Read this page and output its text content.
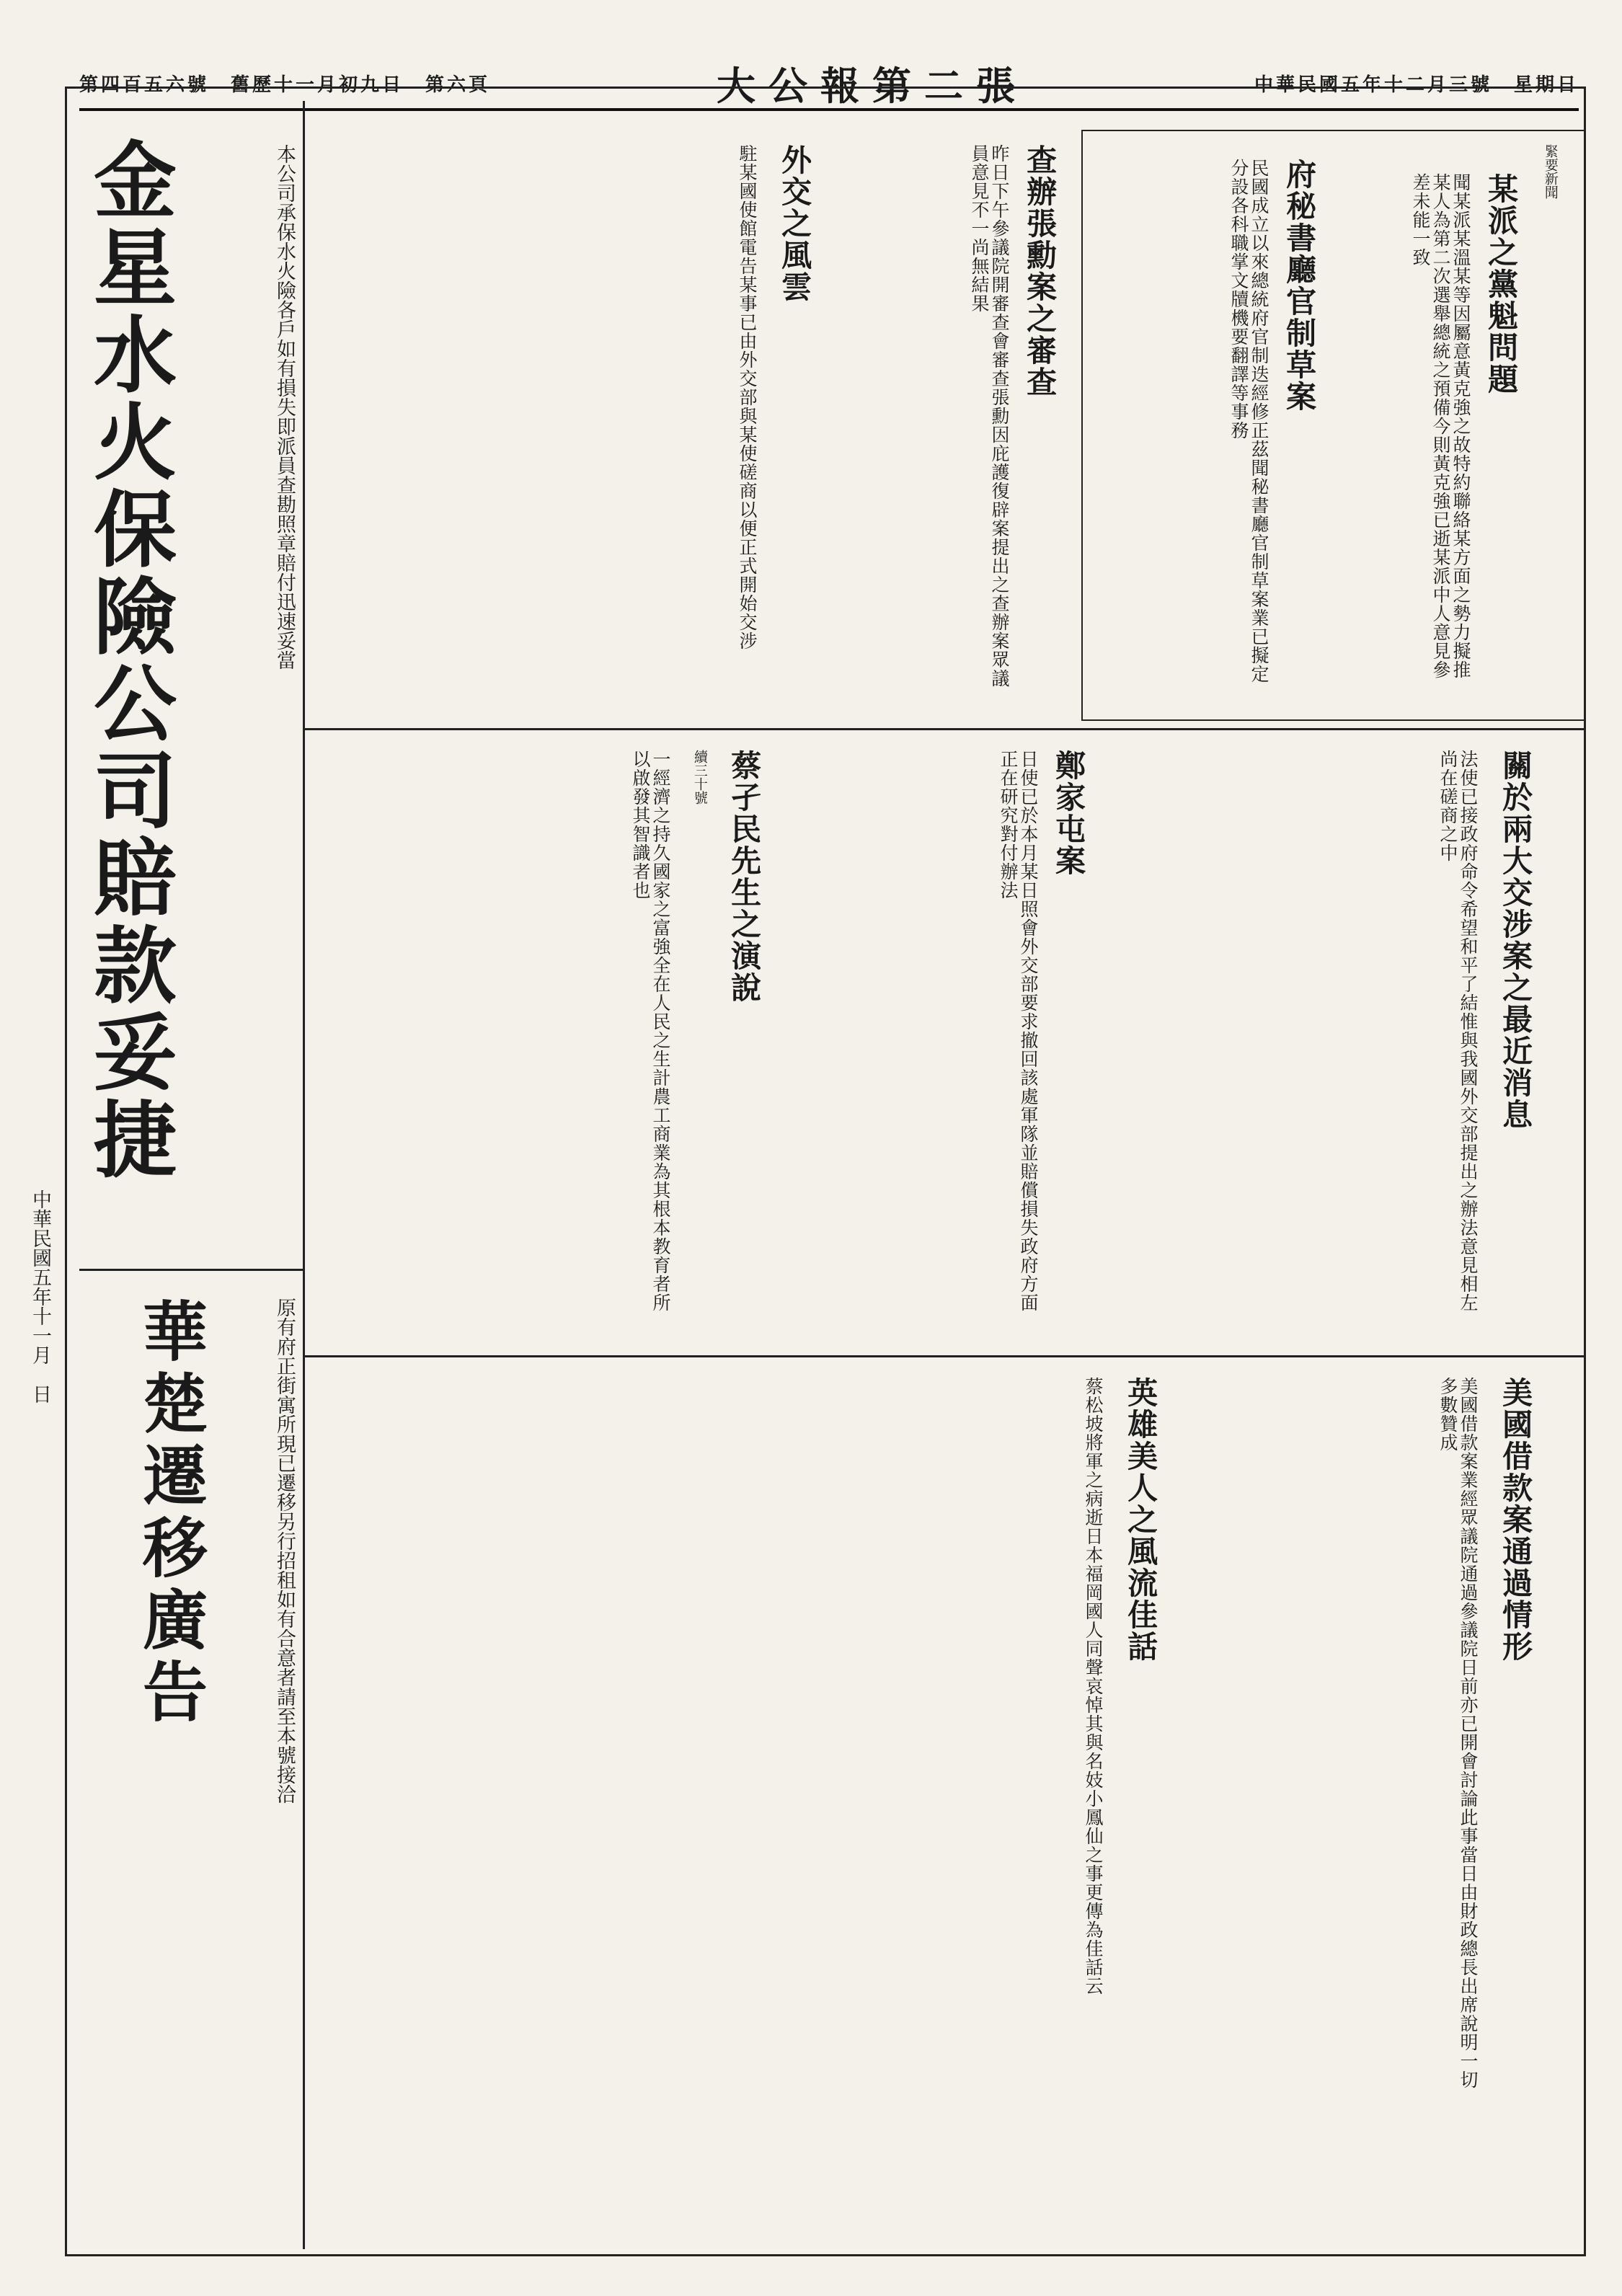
第四百五六號　舊歷十一月初九日　第六頁	大公報第二張	中華民國五年十二月三號　星期日
金星水火保險公司賠款妥捷	本公司承保水火險各戶如有損失即派員查勘照章賠付迅速妥當
中華民國五年十一月　日
華楚遷移廣告	原有府正街寓所現已遷移另行招租如有合意者請至本號接洽
緊要新聞
某派之黨魁問題
聞某派某溫某等因屬意黃克強之故特約聯絡某方面之勢力擬推某人為第二次選舉總統之預備今則黃克強已逝某派中人意見參差未能一致
府秘書廳官制草案
民國成立以來總統府官制迭經修正茲聞秘書廳官制草案業已擬定分設各科職掌文牘機要翻譯等事務
查辦張勳案之審查
昨日下午參議院開審查會審查張勳因庇護復辟案提出之查辦案眾議員意見不一尚無結果
外交之風雲
駐某國使館電告某事已由外交部與某使磋商以便正式開始交涉
關於兩大交涉案之最近消息
法使已接政府命令希望和平了結惟與我國外交部提出之辦法意見相左尚在磋商之中
鄭家屯案
日使已於本月某日照會外交部要求撤回該處軍隊並賠償損失政府方面正在研究對付辦法
蔡孑民先生之演說
續三十號
一經濟之持久國家之富強全在人民之生計農工商業為其根本教育者所以啟發其智識者也
美國借款案通過情形
美國借款案業經眾議院通過參議院日前亦已開會討論此事當日由財政總長出席說明一切多數贊成
英雄美人之風流佳話
蔡松坡將軍之病逝日本福岡國人同聲哀悼其與名妓小鳳仙之事更傳為佳話云
